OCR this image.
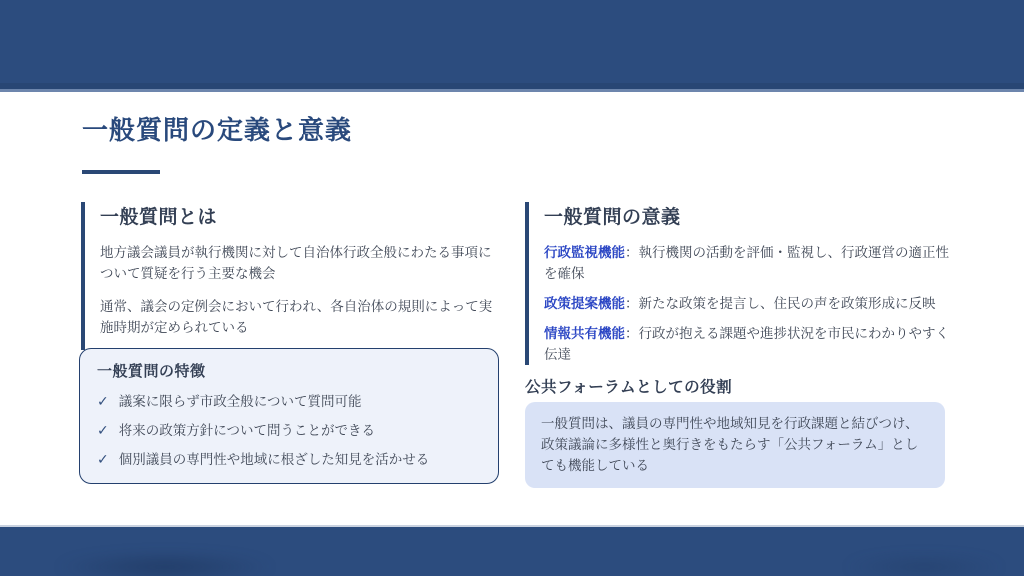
一般質問の定義と意義
一般質問とは

地方議会議員が執行機関に対して自治体行政全般にわたる事項について質疑を行う主要な機会

通常、議会の定例会において行われ、各自治体の規則によって実施時期が定められている

一般質問の特徴
✓ 議案に限らず市政全般について質問可能
✓ 将来の政策方針について問うことができる
✓ 個別議員の専門性や地域に根ざした知見を活かせる
一般質問の意義

行政監視機能：執行機関の活動を評価・監視し、行政運営の適正性を確保

政策提案機能：新たな政策を提言し、住民の声を政策形成に反映

情報共有機能：行政が抱える課題や進捗状況を市民にわかりやすく伝達

公共フォーラムとしての役割

一般質問は、議員の専門性や地域知見を行政課題と結びつけ、政策議論に多様性と奥行きをもたらす「公共フォーラム」としても機能している
